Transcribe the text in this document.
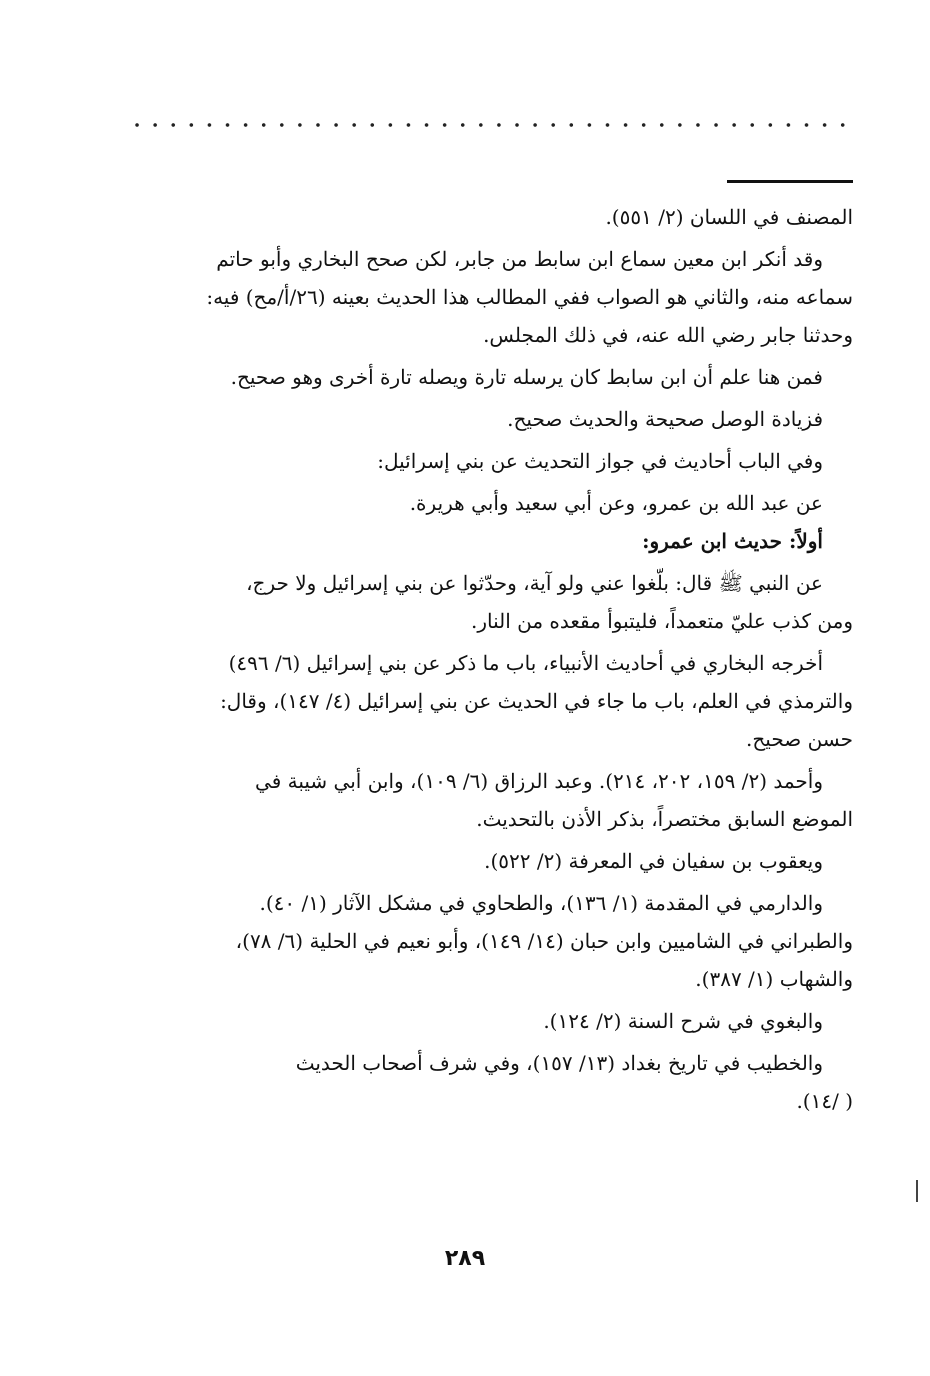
المصنف في اللسان (٢/ ٥٥١).

وقد أنكر ابن معين سماع ابن سابط من جابر، لكن صحح البخاري وأبو حاتم

سماعه منه، والثاني هو الصواب ففي المطالب هذا الحديث بعينه (٢٦/أ/مح) فيه:

وحدثنا جابر رضي الله عنه، في ذلك المجلس.

فمن هنا علم أن ابن سابط كان يرسله تارة ويصله تارة أخرى وهو صحيح.

فزيادة الوصل صحيحة والحديث صحيح.

وفي الباب أحاديث في جواز التحديث عن بني إسرائيل:

عن عبد الله بن عمرو، وعن أبي سعيد وأبي هريرة.

أولاً: حديث ابن عمرو:

عن النبي ﷺ قال: بلّغوا عني ولو آية، وحدّثوا عن بني إسرائيل ولا حرج،

ومن كذب عليّ متعمداً، فليتبوأ مقعده من النار.

أخرجه البخاري في أحاديث الأنبياء، باب ما ذكر عن بني إسرائيل (٦/ ٤٩٦)

والترمذي في العلم، باب ما جاء في الحديث عن بني إسرائيل (٤/ ١٤٧)، وقال:

حسن صحيح.

وأحمد (٢/ ١٥٩، ٢٠٢، ٢١٤). وعبد الرزاق (٦/ ١٠٩)، وابن أبي شيبة في

الموضع السابق مختصراً، بذكر الأذن بالتحديث.

ويعقوب بن سفيان في المعرفة (٢/ ٥٢٢).

والدارمي في المقدمة (١/ ١٣٦)، والطحاوي في مشكل الآثار (١/ ٤٠).

والطبراني في الشاميين وابن حبان (١٤/ ١٤٩)، وأبو نعيم في الحلية (٦/ ٧٨)،

والشهاب (١/ ٣٨٧).

والبغوي في شرح السنة (٢/ ١٢٤).

والخطيب في تاريخ بغداد (١٣/ ١٥٧)، وفي شرف أصحاب الحديث

( /١٤).

٢٨٩
